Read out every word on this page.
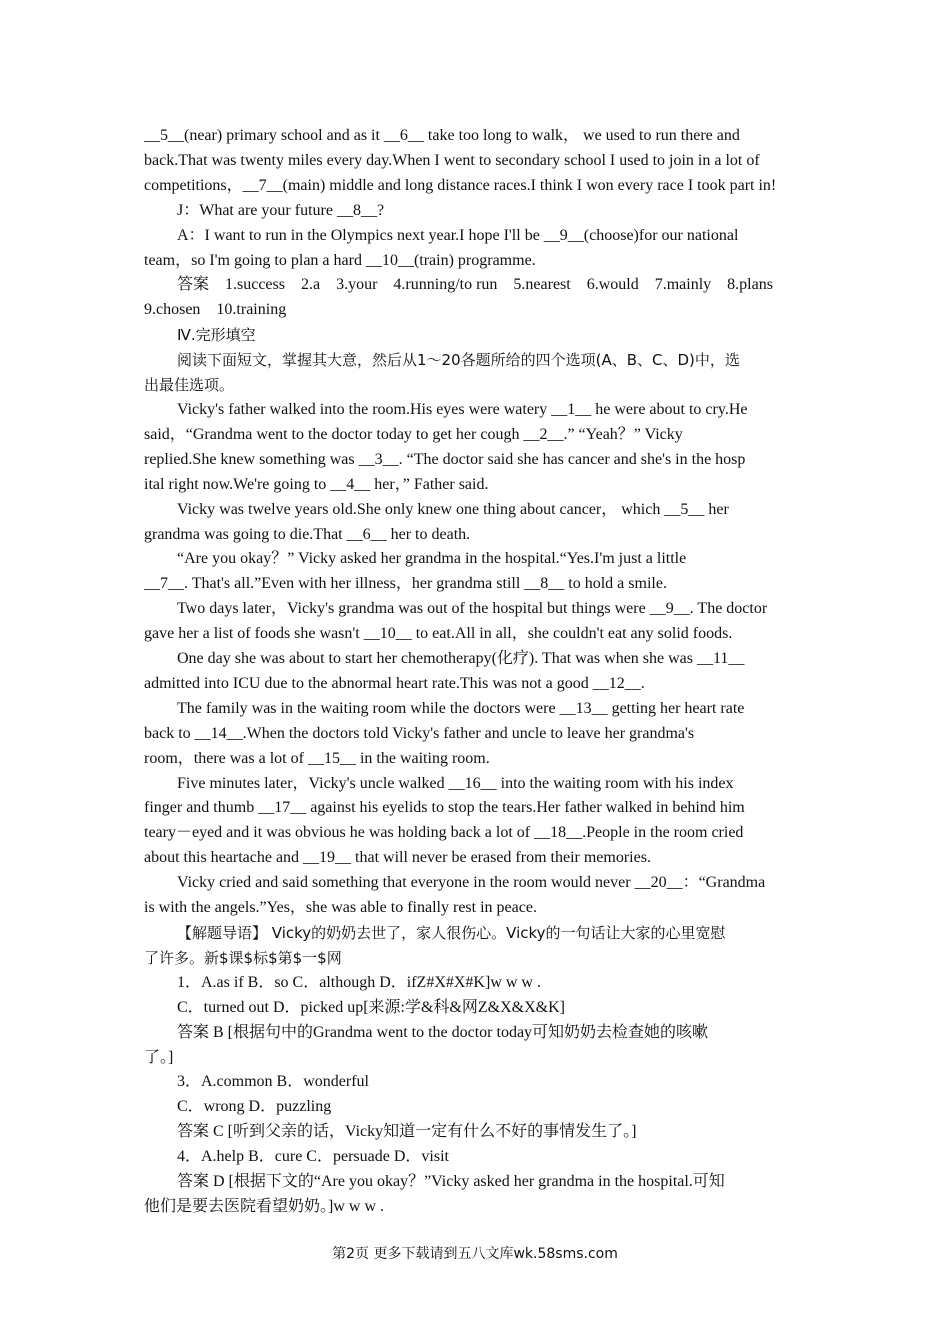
__5__(near) primary school and as it __6__ take too long to walk， we used to run there and

back.That was twenty miles every day.When I went to secondary school I used to join in a lot of

competitions，__7__(main) middle and long distance races.I think I won every race I took part in!

J：What are your future __8__?

A：I want to run in the Olympics next year.I hope I'll be __9__(choose)for our national

team，so I'm going to plan a hard __10__(train) programme.

答案　1.success　2.a　3.your　4.running/to run　5.nearest　6.would　7.mainly　8.plans

9.chosen　10.training

Ⅳ.完形填空

阅读下面短文，掌握其大意，然后从1～20各题所给的四个选项(A、B、C、D)中，选

出最佳选项。

Vicky's father walked into the room.His eyes were watery __1__ he were about to cry.He

said，“Grandma went to the doctor today to get her cough __2__.” “Yeah？” Vicky

replied.She knew something was __3__. “The doctor said she has cancer and she's in the hosp

ital right now.We're going to __4__ her，” Father said.

Vicky was twelve years old.She only knew one thing about cancer， which __5__ her

grandma was going to die.That __6__ her to death.

“Are you okay？” Vicky asked her grandma in the hospital.“Yes.I'm just a little

__7__. That's all.”Even with her illness，her grandma still __8__ to hold a smile.

Two days later，Vicky's grandma was out of the hospital but things were __9__. The doctor

gave her a list of foods she wasn't __10__ to eat.All in all，she couldn't eat any solid foods.

One day she was about to start her chemotherapy(化疗). That was when she was __11__

admitted into ICU due to the abnormal heart rate.This was not a good __12__.

The family was in the waiting room while the doctors were __13__ getting her heart rate

back to __14__.When the doctors told Vicky's father and uncle to leave her grandma's

room，there was a lot of __15__ in the waiting room.

Five minutes later，Vicky's uncle walked __16__ into the waiting room with his index

finger and thumb __17__ against his eyelids to stop the tears.Her father walked in behind him

teary－eyed and it was obvious he was holding back a lot of __18__.People in the room cried

about this heartache and __19__ that will never be erased from their memories.

Vicky cried and said something that everyone in the room would never __20__：“Grandma

is with the angels.”Yes，she was able to finally rest in peace.

【解题导语】 Vicky的奶奶去世了，家人很伤心。Vicky的一句话让大家的心里宽慰

了许多。新$课$标$第$一$网

1．A.as if B．so C．although D．ifZ#X#X#K]w w w .

C．turned out D．picked up[来源:学&科&网Z&X&X&K]

答案 B [根据句中的Grandma went to the doctor today可知奶奶去检查她的咳嗽

了。]

3．A.common B．wonderful

C．wrong D．puzzling

答案 C [听到父亲的话，Vicky知道一定有什么不好的事情发生了。]

4．A.help B．cure C．persuade D．visit

答案 D [根据下文的“Are you okay？”Vicky asked her grandma in the hospital.可知

他们是要去医院看望奶奶。]w w w .

第2页 更多下载请到五八文库wk.58sms.com
